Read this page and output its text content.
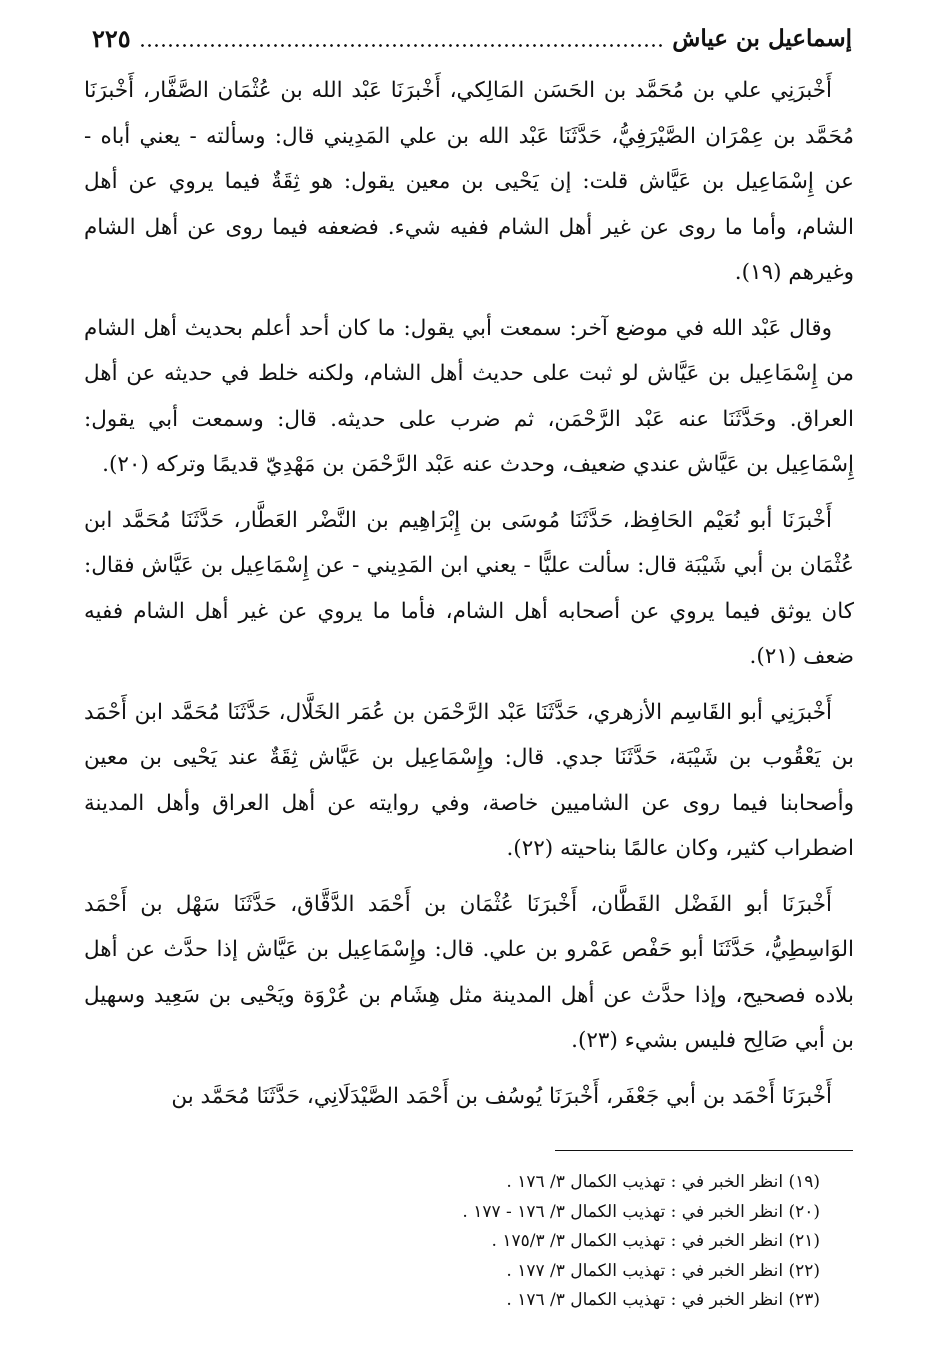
إسماعيل بن عياش
٢٢٥

أَخْبرَنِي علي بن مُحَمَّد بن الحَسَن المَالِكي، أَخْبرَنَا عَبْد الله بن عُثْمَان الصَّفَّار، أَخْبرَنَا مُحَمَّد بن عِمْرَان الصَّيْرَفِيُّ، حَدَّثَنَا عَبْد الله بن علي المَدِيني قال: وسألته - يعني أباه - عن إِسْمَاعِيل بن عَيَّاش قلت: إن يَحْيى بن معين يقول: هو ثِقَةٌ فيما يروي عن أهل الشام، وأما ما روى عن غير أهل الشام ففيه شيء. فضعفه فيما روى عن أهل الشام وغيرهم (١٩).

وقال عَبْد الله في موضع آخر: سمعت أبي يقول: ما كان أحد أعلم بحديث أهل الشام من إِسْمَاعِيل بن عَيَّاش لو ثبت على حديث أهل الشام، ولكنه خلط في حديثه عن أهل العراق. وحَدَّثَنَا عنه عَبْد الرَّحْمَن، ثم ضرب على حديثه. قال: وسمعت أبي يقول: إِسْمَاعِيل بن عَيَّاش عندي ضعيف، وحدث عنه عَبْد الرَّحْمَن بن مَهْدِيّ قديمًا وتركه (٢٠).

أَخْبرَنَا أبو نُعَيْم الحَافِظ، حَدَّثَنَا مُوسَى بن إِبْرَاهِيم بن النَّضْر العَطَّار، حَدَّثَنَا مُحَمَّد ابن عُثْمَان بن أبي شَيْبَة قال: سألت عليًّا - يعني ابن المَدِيني - عن إِسْمَاعِيل بن عَيَّاش فقال: كان يوثق فيما يروي عن أصحابه أهل الشام، فأما ما يروي عن غير أهل الشام ففيه ضعف (٢١).

أَخْبرَنِي أبو القَاسِم الأزهري، حَدَّثَنَا عَبْد الرَّحْمَن بن عُمَر الخَلَّال، حَدَّثَنَا مُحَمَّد ابن أَحْمَد بن يَعْقُوب بن شَيْبَة، حَدَّثَنَا جدي. قال: وإِسْمَاعِيل بن عَيَّاش ثِقَةٌ عند يَحْيى بن معين وأصحابنا فيما روى عن الشاميين خاصة، وفي روايته عن أهل العراق وأهل المدينة اضطراب كثير، وكان عالمًا بناحيته (٢٢).

أَخْبرَنَا أبو الفَضْل القَطَّان، أَخْبرَنَا عُثْمَان بن أَحْمَد الدَّقَّاق، حَدَّثَنَا سَهْل بن أَحْمَد الوَاسِطِيُّ، حَدَّثَنَا أبو حَفْص عَمْرو بن علي. قال: وإِسْمَاعِيل بن عَيَّاش إذا حدَّث عن أهل بلاده فصحيح، وإذا حدَّث عن أهل المدينة مثل هِشَام بن عُرْوَة ويَحْيى بن سَعِيد وسهيل بن أبي صَالِح فليس بشيء (٢٣).

أَخْبرَنَا أَحْمَد بن أبي جَعْفَر، أَخْبرَنَا يُوسُف بن أَحْمَد الصَّيْدَلَانِي، حَدَّثَنَا مُحَمَّد بن

(١٩) انظر الخبر في : تهذيب الكمال ٣/ ١٧٦ .
(٢٠) انظر الخبر في : تهذيب الكمال ٣/ ١٧٦ - ١٧٧ .
(٢١) انظر الخبر في : تهذيب الكمال ٣/ ١٧٥/٣ .
(٢٢) انظر الخبر في : تهذيب الكمال ٣/ ١٧٧ .
(٢٣) انظر الخبر في : تهذيب الكمال ٣/ ١٧٦ .
